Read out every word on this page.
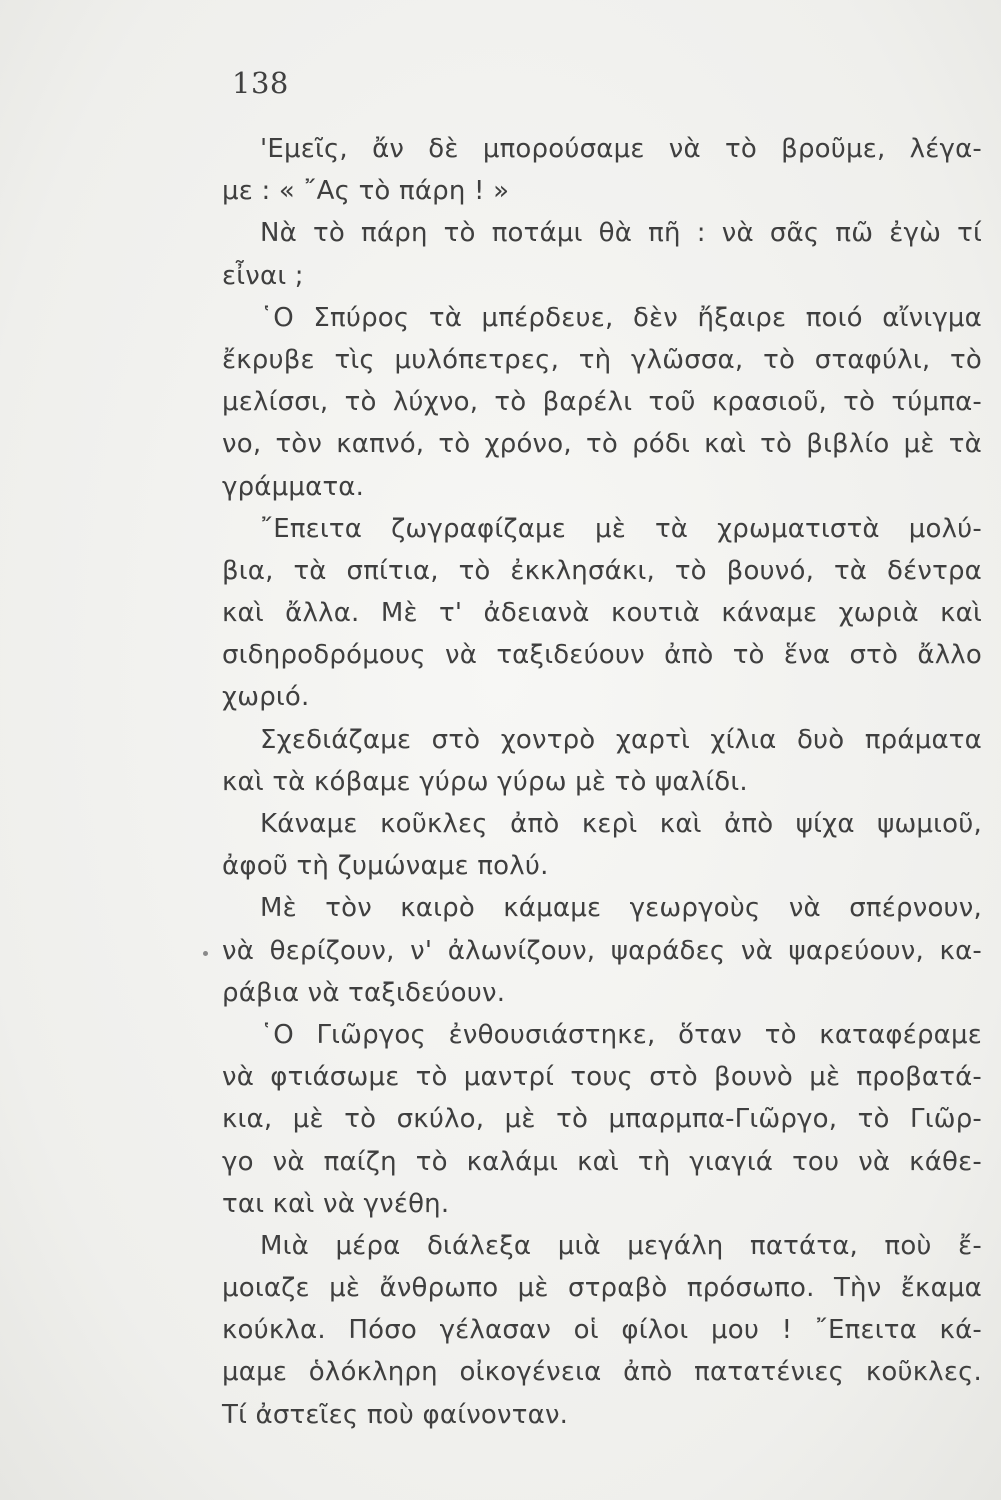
138
'Εμεῖς, ἄν δὲ μπορούσαμε νὰ τὸ βροῦμε, λέγα-
με : « ῎Ας τὸ πάρη ! »
Νὰ τὸ πάρη τὸ ποτάμι θὰ πῆ : νὰ σᾶς πῶ ἐγὼ τί
εἶναι ;
῾Ο Σπύρος τὰ μπέρδευε, δὲν ἤξαιρε ποιό αἴνιγμα
ἔκρυβε τὶς μυλόπετρες, τὴ γλῶσσα, τὸ σταφύλι, τὸ
μελίσσι, τὸ λύχνο, τὸ βαρέλι τοῦ κρασιοῦ, τὸ τύμπα-
νο, τὸν καπνό, τὸ χρόνο, τὸ ρόδι καὶ τὸ βιβλίο μὲ τὰ
γράμματα.
῎Επειτα ζωγραφίζαμε μὲ τὰ χρωματιστὰ μολύ-
βια, τὰ σπίτια, τὸ ἐκκλησάκι, τὸ βουνό, τὰ δέντρα
καὶ ἄλλα. Μὲ τ' ἀδειανὰ κουτιὰ κάναμε χωριὰ καὶ
σιδηροδρόμους νὰ ταξιδεύουν ἀπὸ τὸ ἕνα στὸ ἄλλο
χωριό.
Σχεδιάζαμε στὸ χοντρὸ χαρτὶ χίλια δυὸ πράματα
καὶ τὰ κόβαμε γύρω γύρω μὲ τὸ ψαλίδι.
Κάναμε κοῦκλες ἀπὸ κερὶ καὶ ἀπὸ ψίχα ψωμιοῦ,
ἀφοῦ τὴ ζυμώναμε πολύ.
Μὲ τὸν καιρὸ κάμαμε γεωργοὺς νὰ σπέρνουν,
νὰ θερίζουν, ν' ἀλωνίζουν, ψαράδες νὰ ψαρεύουν, κα-
ράβια νὰ ταξιδεύουν.
῾Ο Γιῶργος ἐνθουσιάστηκε, ὅταν τὸ καταφέραμε
νὰ φτιάσωμε τὸ μαντρί τους στὸ βουνὸ μὲ προβατά-
κια, μὲ τὸ σκύλο, μὲ τὸ μπαρμπα-Γιῶργο, τὸ Γιῶρ-
γο νὰ παίζη τὸ καλάμι καὶ τὴ γιαγιά του νὰ κάθε-
ται καὶ νὰ γνέθη.
Μιὰ μέρα διάλεξα μιὰ μεγάλη πατάτα, ποὺ ἔ-
μοιαζε μὲ ἄνθρωπο μὲ στραβὸ πρόσωπο. Τὴν ἔκαμα
κούκλα. Πόσο γέλασαν οἱ φίλοι μου ! ῎Επειτα κά-
μαμε ὁλόκληρη οἰκογένεια ἀπὸ πατατένιες κοῦκλες.
Τί ἀστεῖες ποὺ φαίνονταν.
